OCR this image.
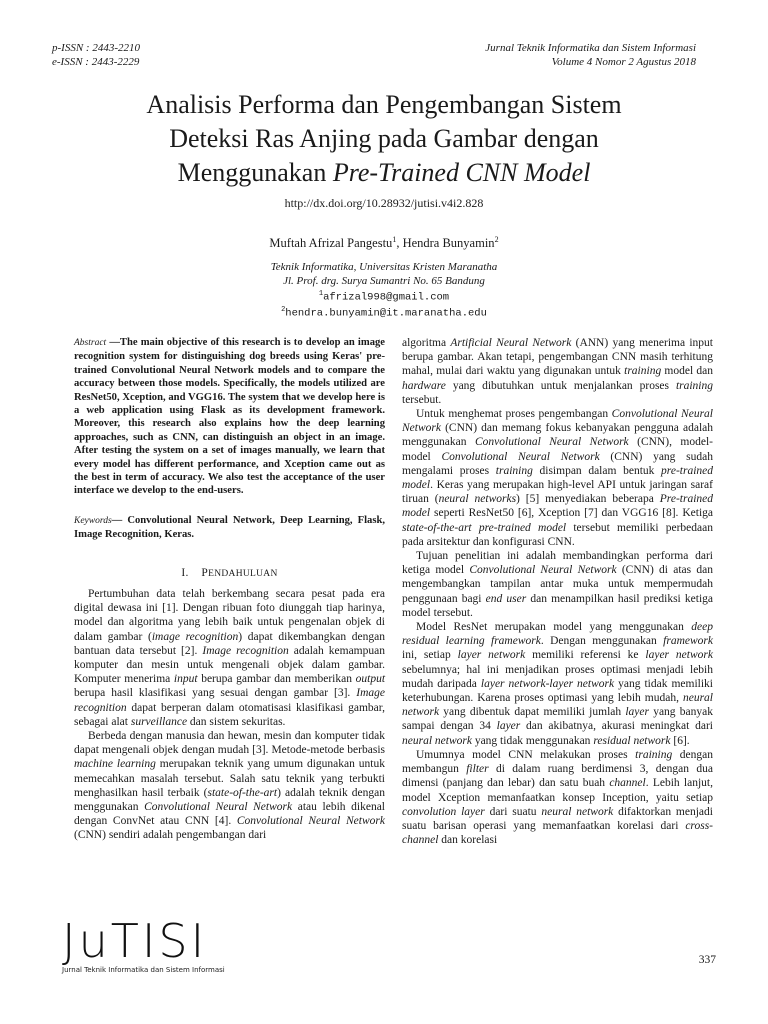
p-ISSN : 2443-2210
e-ISSN : 2443-2229
Jurnal Teknik Informatika dan Sistem Informasi
Volume 4 Nomor 2 Agustus 2018
Analisis Performa dan Pengembangan Sistem
Deteksi Ras Anjing pada Gambar dengan
Menggunakan Pre-Trained CNN Model
http://dx.doi.org/10.28932/jutisi.v4i2.828
Muftah Afrizal Pangestu$^1$, Hendra Bunyamin$^2$
Teknik Informatika, Universitas Kristen Maranatha
Jl. Prof. drg. Surya Sumantri No. 65 Bandung
$^1$afrizal998@gmail.com
$^2$hendra.bunyamin@it.maranatha.edu

Abstract —The main objective of this research is to develop an image recognition system for distinguishing dog breeds using Keras' pre-trained Convolutional Neural Network models and to compare the accuracy between those models. Specifically, the models utilized are ResNet50, Xception, and VGG16. The system that we develop here is a web application using Flask as its development framework. Moreover, this research also explains how the deep learning approaches, such as CNN, can distinguish an object in an image. After testing the system on a set of images manually, we learn that every model has different performance, and Xception came out as the best in term of accuracy. We also test the acceptance of the user interface we develop to the end-users.

Keywords— Convolutional Neural Network, Deep Learning, Flask, Image Recognition, Keras.

I. PENDAHULUAN

Pertumbuhan data telah berkembang secara pesat pada era digital dewasa ini [1]. Dengan ribuan foto diunggah tiap harinya, model dan algoritma yang lebih baik untuk pengenalan objek di dalam gambar (image recognition) dapat dikembangkan dengan bantuan data tersebut [2]. Image recognition adalah kemampuan komputer dan mesin untuk mengenali objek dalam gambar. Komputer menerima input berupa gambar dan memberikan output berupa hasil klasifikasi yang sesuai dengan gambar [3]. Image recognition dapat berperan dalam otomatisasi klasifikasi gambar, sebagai alat surveillance dan sistem sekuritas.

Berbeda dengan manusia dan hewan, mesin dan komputer tidak dapat mengenali objek dengan mudah [3]. Metode-metode berbasis machine learning merupakan teknik yang umum digunakan untuk memecahkan masalah tersebut. Salah satu teknik yang terbukti menghasilkan hasil terbaik (state-of-the-art) adalah teknik dengan menggunakan Convolutional Neural Network atau lebih dikenal dengan ConvNet atau CNN [4]. Convolutional Neural Network (CNN) sendiri adalah pengembangan dari

algoritma Artificial Neural Network (ANN) yang menerima input berupa gambar. Akan tetapi, pengembangan CNN masih terhitung mahal, mulai dari waktu yang digunakan untuk training model dan hardware yang dibutuhkan untuk menjalankan proses training tersebut.

Untuk menghemat proses pengembangan Convolutional Neural Network (CNN) dan memang fokus kebanyakan pengguna adalah menggunakan Convolutional Neural Network (CNN), model-model Convolutional Neural Network (CNN) yang sudah mengalami proses training disimpan dalam bentuk pre-trained model. Keras yang merupakan high-level API untuk jaringan saraf tiruan (neural networks) [5] menyediakan beberapa Pre-trained model seperti ResNet50 [6], Xception [7] dan VGG16 [8]. Ketiga state-of-the-art pre-trained model tersebut memiliki perbedaan pada arsitektur dan konfigurasi CNN.

Tujuan penelitian ini adalah membandingkan performa dari ketiga model Convolutional Neural Network (CNN) di atas dan mengembangkan tampilan antar muka untuk mempermudah penggunaan bagi end user dan menampilkan hasil prediksi ketiga model tersebut.

Model ResNet merupakan model yang menggunakan deep residual learning framework. Dengan menggunakan framework ini, setiap layer network memiliki referensi ke layer network sebelumnya; hal ini menjadikan proses optimasi menjadi lebih mudah daripada layer network-layer network yang tidak memiliki keterhubungan. Karena proses optimasi yang lebih mudah, neural network yang dibentuk dapat memiliki jumlah layer yang banyak sampai dengan 34 layer dan akibatnya, akurasi meningkat dari neural network yang tidak menggunakan residual network [6].

Umumnya model CNN melakukan proses training dengan membangun filter di dalam ruang berdimensi 3, dengan dua dimensi (panjang dan lebar) dan satu buah channel. Lebih lanjut, model Xception memanfaatkan konsep Inception, yaitu setiap convolution layer dari suatu neural network difaktorkan menjadi suatu barisan operasi yang memanfaatkan korelasi dari cross-channel dan korelasi

JuTISI
Jurnal Teknik Informatika dan Sistem Informasi
337
